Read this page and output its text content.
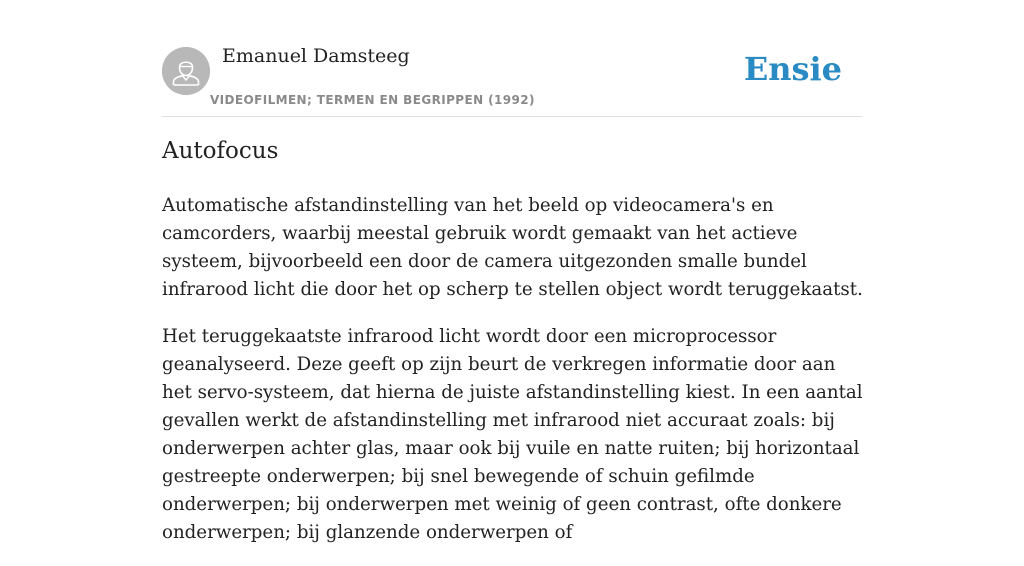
Emanuel Damsteeg
VIDEOFILMEN; TERMEN EN BEGRIPPEN (1992)
Ensie
Autofocus

Automatische afstandinstelling van het beeld op videocamera's en camcorders, waarbij meestal gebruik wordt gemaakt van het actieve systeem, bijvoorbeeld een door de camera uitgezonden smalle bundel infrarood licht die door het op scherp te stellen object wordt teruggekaatst.

Het teruggekaatste infrarood licht wordt door een microprocessor geanalyseerd. Deze geeft op zijn beurt de verkregen informatie door aan het servo-systeem, dat hierna de juiste afstandinstelling kiest. In een aantal gevallen werkt de afstandinstelling met infrarood niet accuraat zoals: bij onderwerpen achter glas, maar ook bij vuile en natte ruiten; bij horizontaal gestreepte onderwerpen; bij snel bewegende of schuin gefilmde onderwerpen; bij onderwerpen met weinig of geen contrast, ofte donkere onderwerpen; bij glanzende onderwerpen of
